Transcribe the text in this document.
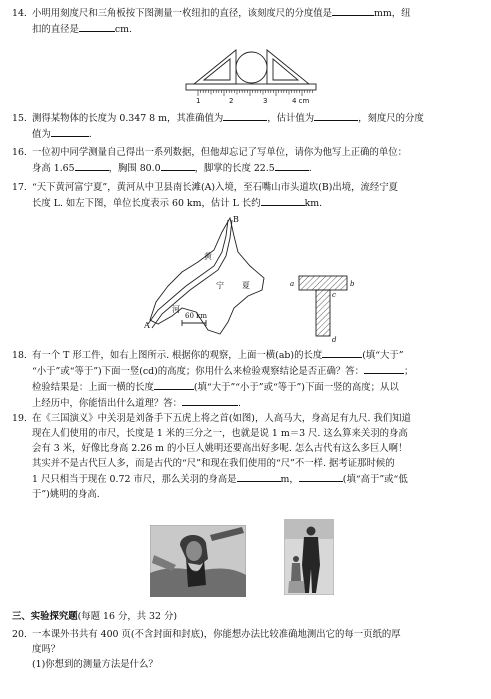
14. 小明用刻度尺和三角板按下图测量一枚纽扣的直径，该刻度尺的分度值是	mm，纽
扣的直径是	cm.

1	2	3	4 cm

15. 测得某物体的长度为 0.347 8 m，其准确值为	，估计值为	，刻度尺的分度
值为	.

16. 一位初中同学测量自己得出一系列数据，但他却忘记了写单位，请你为他写上正确的单位：
身高 1.65	，胸围 80.0	，脚掌的长度 22.5	.

17. “天下黄河富宁夏”，黄河从中卫县南长滩(A)入境，至石嘴山市头道坎(B)出境，流经宁夏
长度 L. 如左下图，单位长度表示 60 km，估计 L 长约	km.

B
A
黄
河
宁 夏
60 km
a	b
c
d

18. 有一个 T 形工件，如右上图所示. 根据你的观察，上面一横(ab)的长度	(填“大于”
“小于”或“等于”)下面一竖(cd)的高度；你用什么来检验观察结论是否正确？答：	；
检验结果是：上面一横的长度	(填“大于”“小于”或“等于”)下面一竖的高度；从以
上经历中，你能悟出什么道理？答：	.

19. 在《三国演义》中关羽是刘备手下五虎上将之首(如图)，人高马大，身高足有九尺. 我们知道
现在人们使用的市尺，长度是 1 米的三分之一，也就是说 1 m＝3 尺. 这么算来关羽的身高
会有 3 米，好像比身高 2.26 m 的小巨人姚明还要高出好多呢. 怎么古代有这么多巨人啊！
其实并不是古代巨人多，而是古代的“尺”和现在我们使用的“尺”不一样. 据考证那时候的
1 尺只相当于现在 0.72 市尺，那么关羽的身高是	m，	(填“高于”或“低
于”)姚明的身高.

三、实验探究题(每题 16 分，共 32 分)

20. 一本课外书共有 400 页(不含封面和封底)，你能想办法比较准确地测出它的每一页纸的厚
度吗？
(1)你想到的测量方法是什么？
